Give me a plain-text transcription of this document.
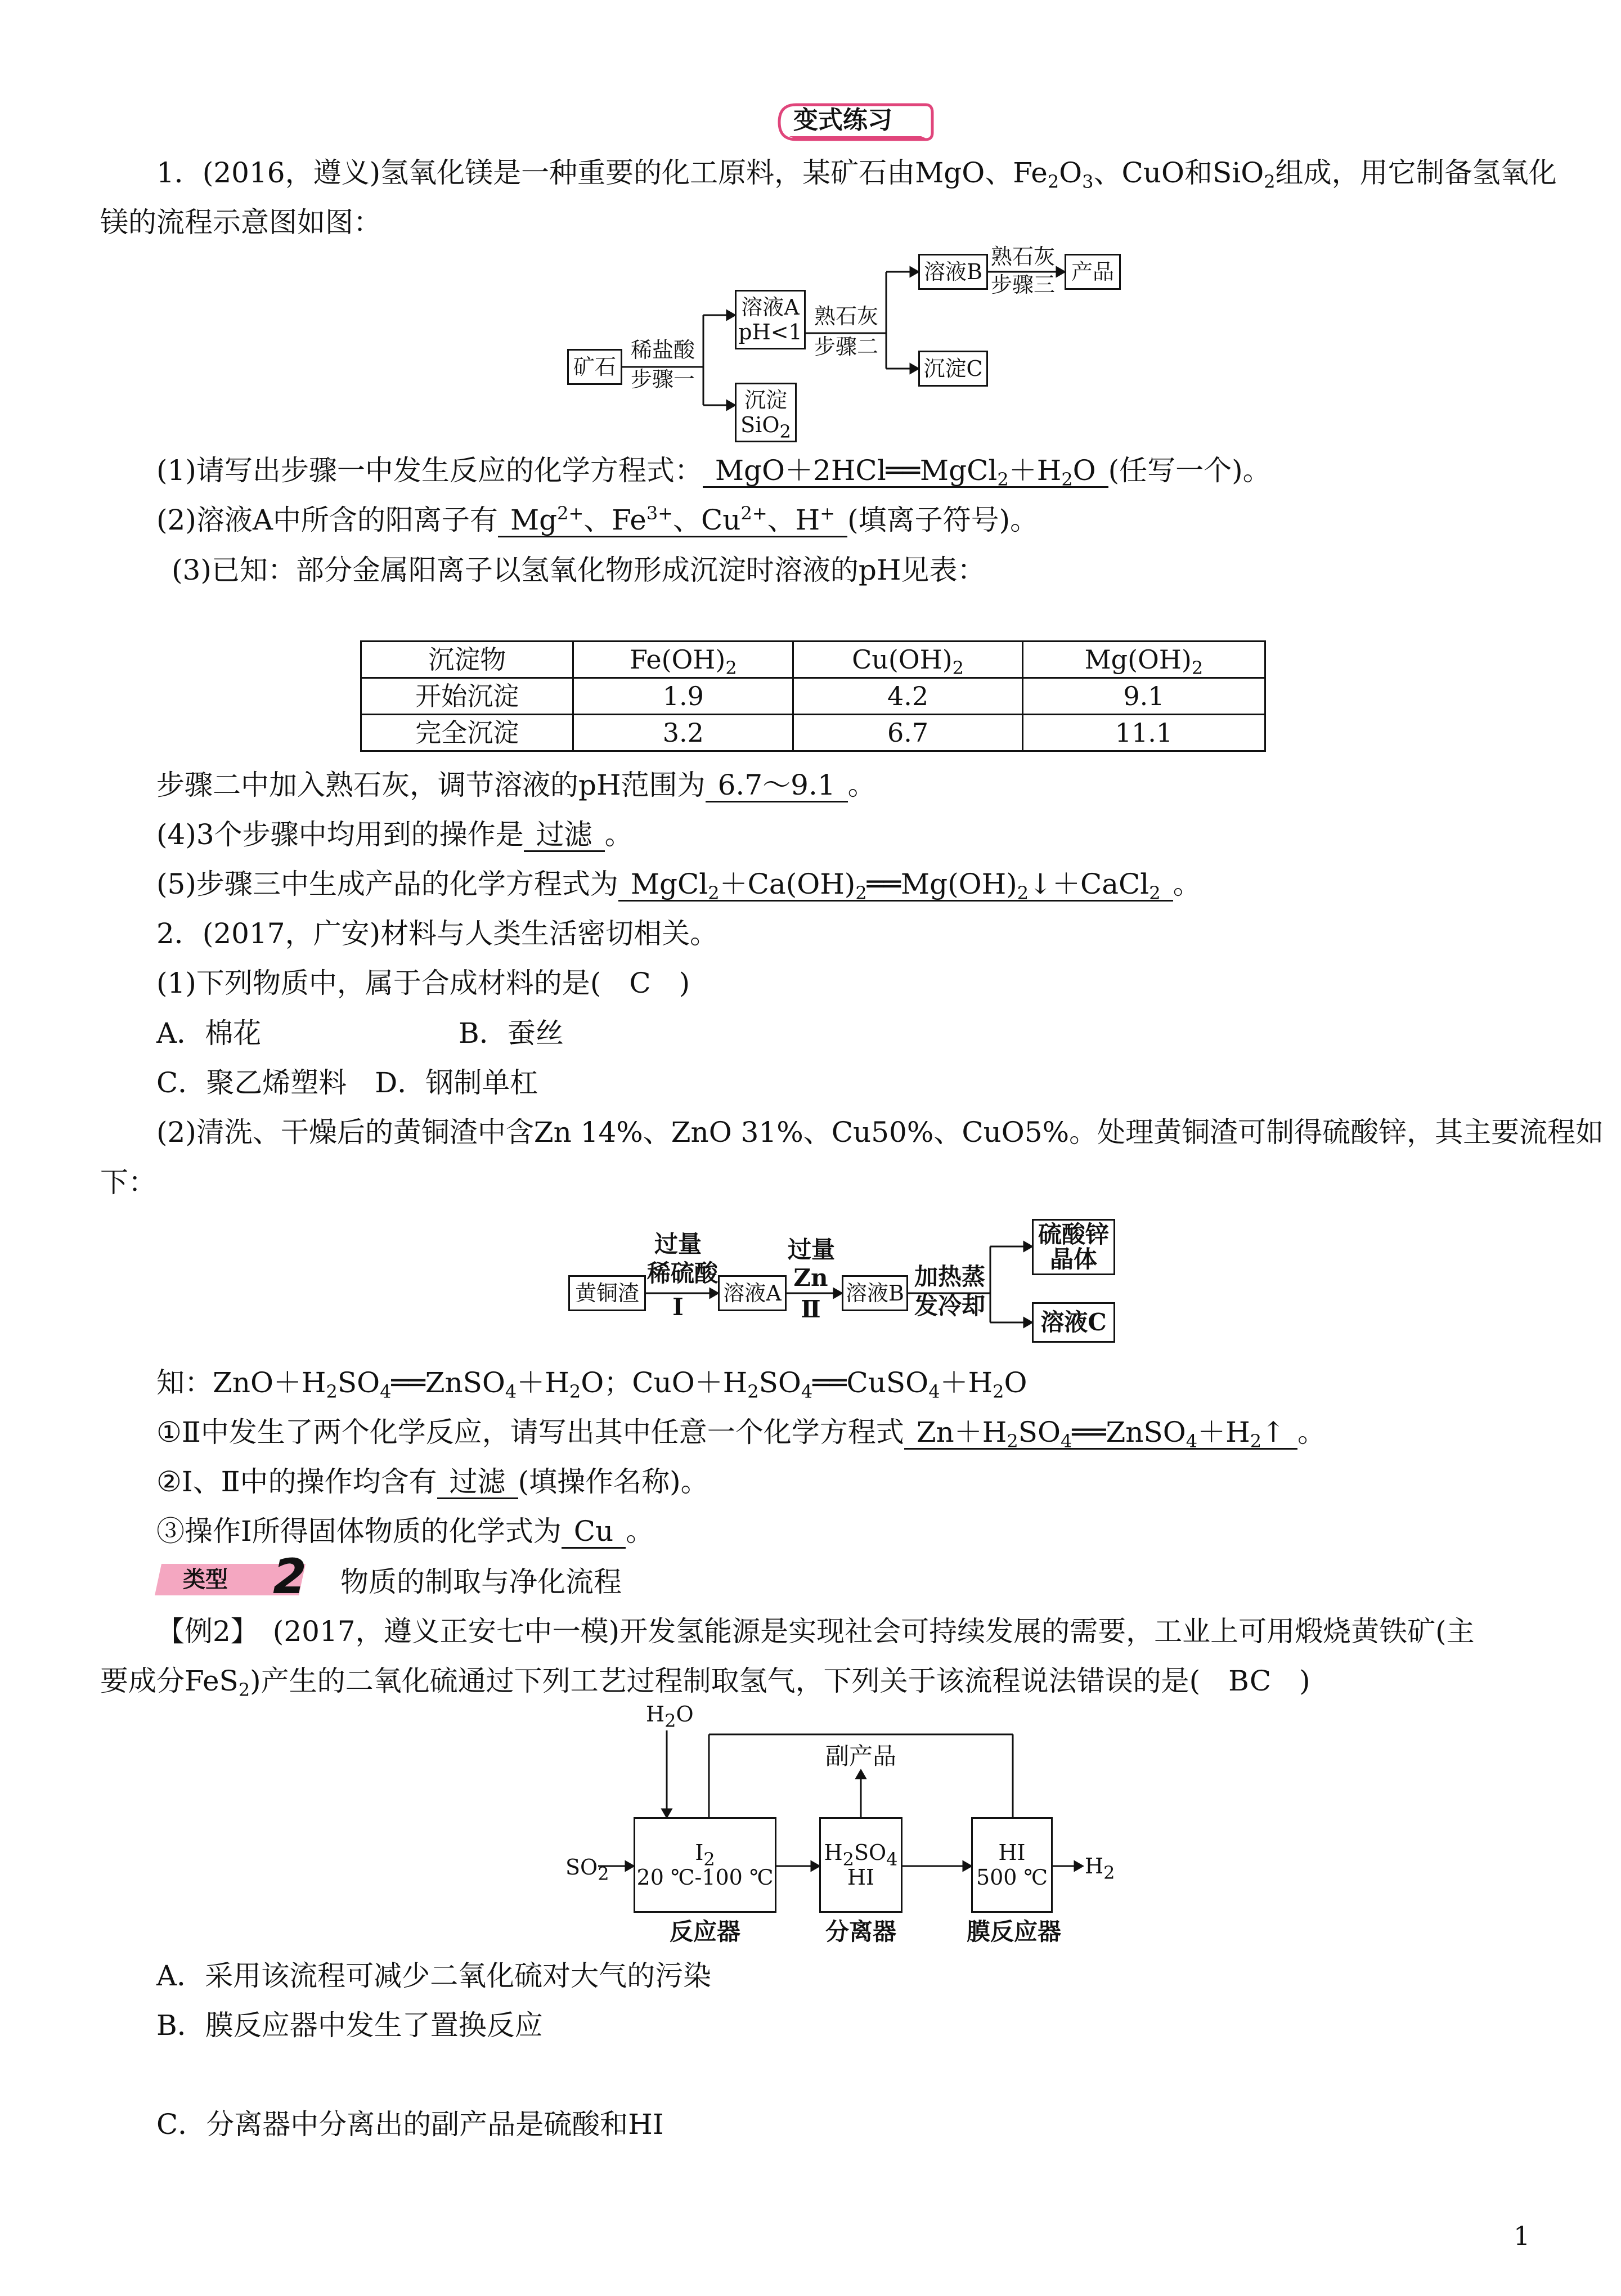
变式练习
1．(2016，遵义)氢氧化镁是一种重要的化工原料，某矿石由MgO、$Fe_2O_3$、CuO和SiO$_2$组成，用它制备氢氧化
镁的流程示意图如图：
矿石
稀盐酸
步骤一
溶液A
pH<1
沉淀
SiO$_2$
熟石灰
步骤二
溶液B
沉淀C
熟石灰
步骤三
产品
(1)请写出步骤一中发生反应的化学方程式： $MgO+2HCl══MgCl_2+H_2O$ (任写一个)。
(2)溶液A中所含的阳离子有 $Mg^{2+}$、$Fe^{3+}$、$Cu^{2+}$、H+ (填离子符号)。
(3)已知：部分金属阳离子以氢氧化物形成沉淀时溶液的pH见表：
沉淀物	$Fe(OH)_2$	$Cu(OH)_2$	$Mg(OH)_2$
开始沉淀	1.9	4.2	9.1
完全沉淀	3.2	6.7	11.1
步骤二中加入熟石灰，调节溶液的pH范围为 6.7～9.1 。
(4)3个步骤中均用到的操作是 过滤 。
(5)步骤三中生成产品的化学方程式为 $MgCl_2+Ca(OH)_2══Mg(OH)_2↓+CaCl_2$ 。
2．(2017，广安)材料与人类生活密切相关。
(1)下列物质中，属于合成材料的是(　C　)
A．棉花	B．蚕丝
C．聚乙烯塑料　D．钢制单杠
(2)清洗、干燥后的黄铜渣中含Zn 14%、ZnO 31%、Cu50%、CuO5%。处理黄铜渣可制得硫酸锌，其主要流程如
下：
黄铜渣
过量
稀硫酸
Ⅰ	溶液A
过量
Zn
Ⅱ
溶液B
加热蒸
发冷却
硫酸锌
晶体
溶液C
知：$ZnO+H_2SO_4══ZnSO_4+H_2O$；$CuO+H_2SO_4══CuSO_4+H_2O$
①Ⅱ中发生了两个化学反应，请写出其中任意一个化学方程式 $Zn+H_2SO_4══ZnSO_4+H_2↑$ 。
②Ⅰ、Ⅱ中的操作均含有 过滤 (填操作名称)。
③操作Ⅰ所得固体物质的化学式为 Cu 。
类型 2 物质的制取与净化流程
【例2】　(2017，遵义正安七中一模)开发氢能源是实现社会可持续发展的需要，工业上可用煅烧黄铁矿(主
要成分FeS$_2$)产生的二氧化硫通过下列工艺过程制取氢气，下列关于该流程说法错误的是(　BC　)
$H_2O$
副产品
$SO_2$
$I_2$
20 ℃-100 ℃
$H_2SO_4$ HI
HI
500 ℃ $H_2$
反应器	分离器	膜反应器
A．采用该流程可减少二氧化硫对大气的污染
B．膜反应器中发生了置换反应
C．分离器中分离出的副产品是硫酸和HI
1
